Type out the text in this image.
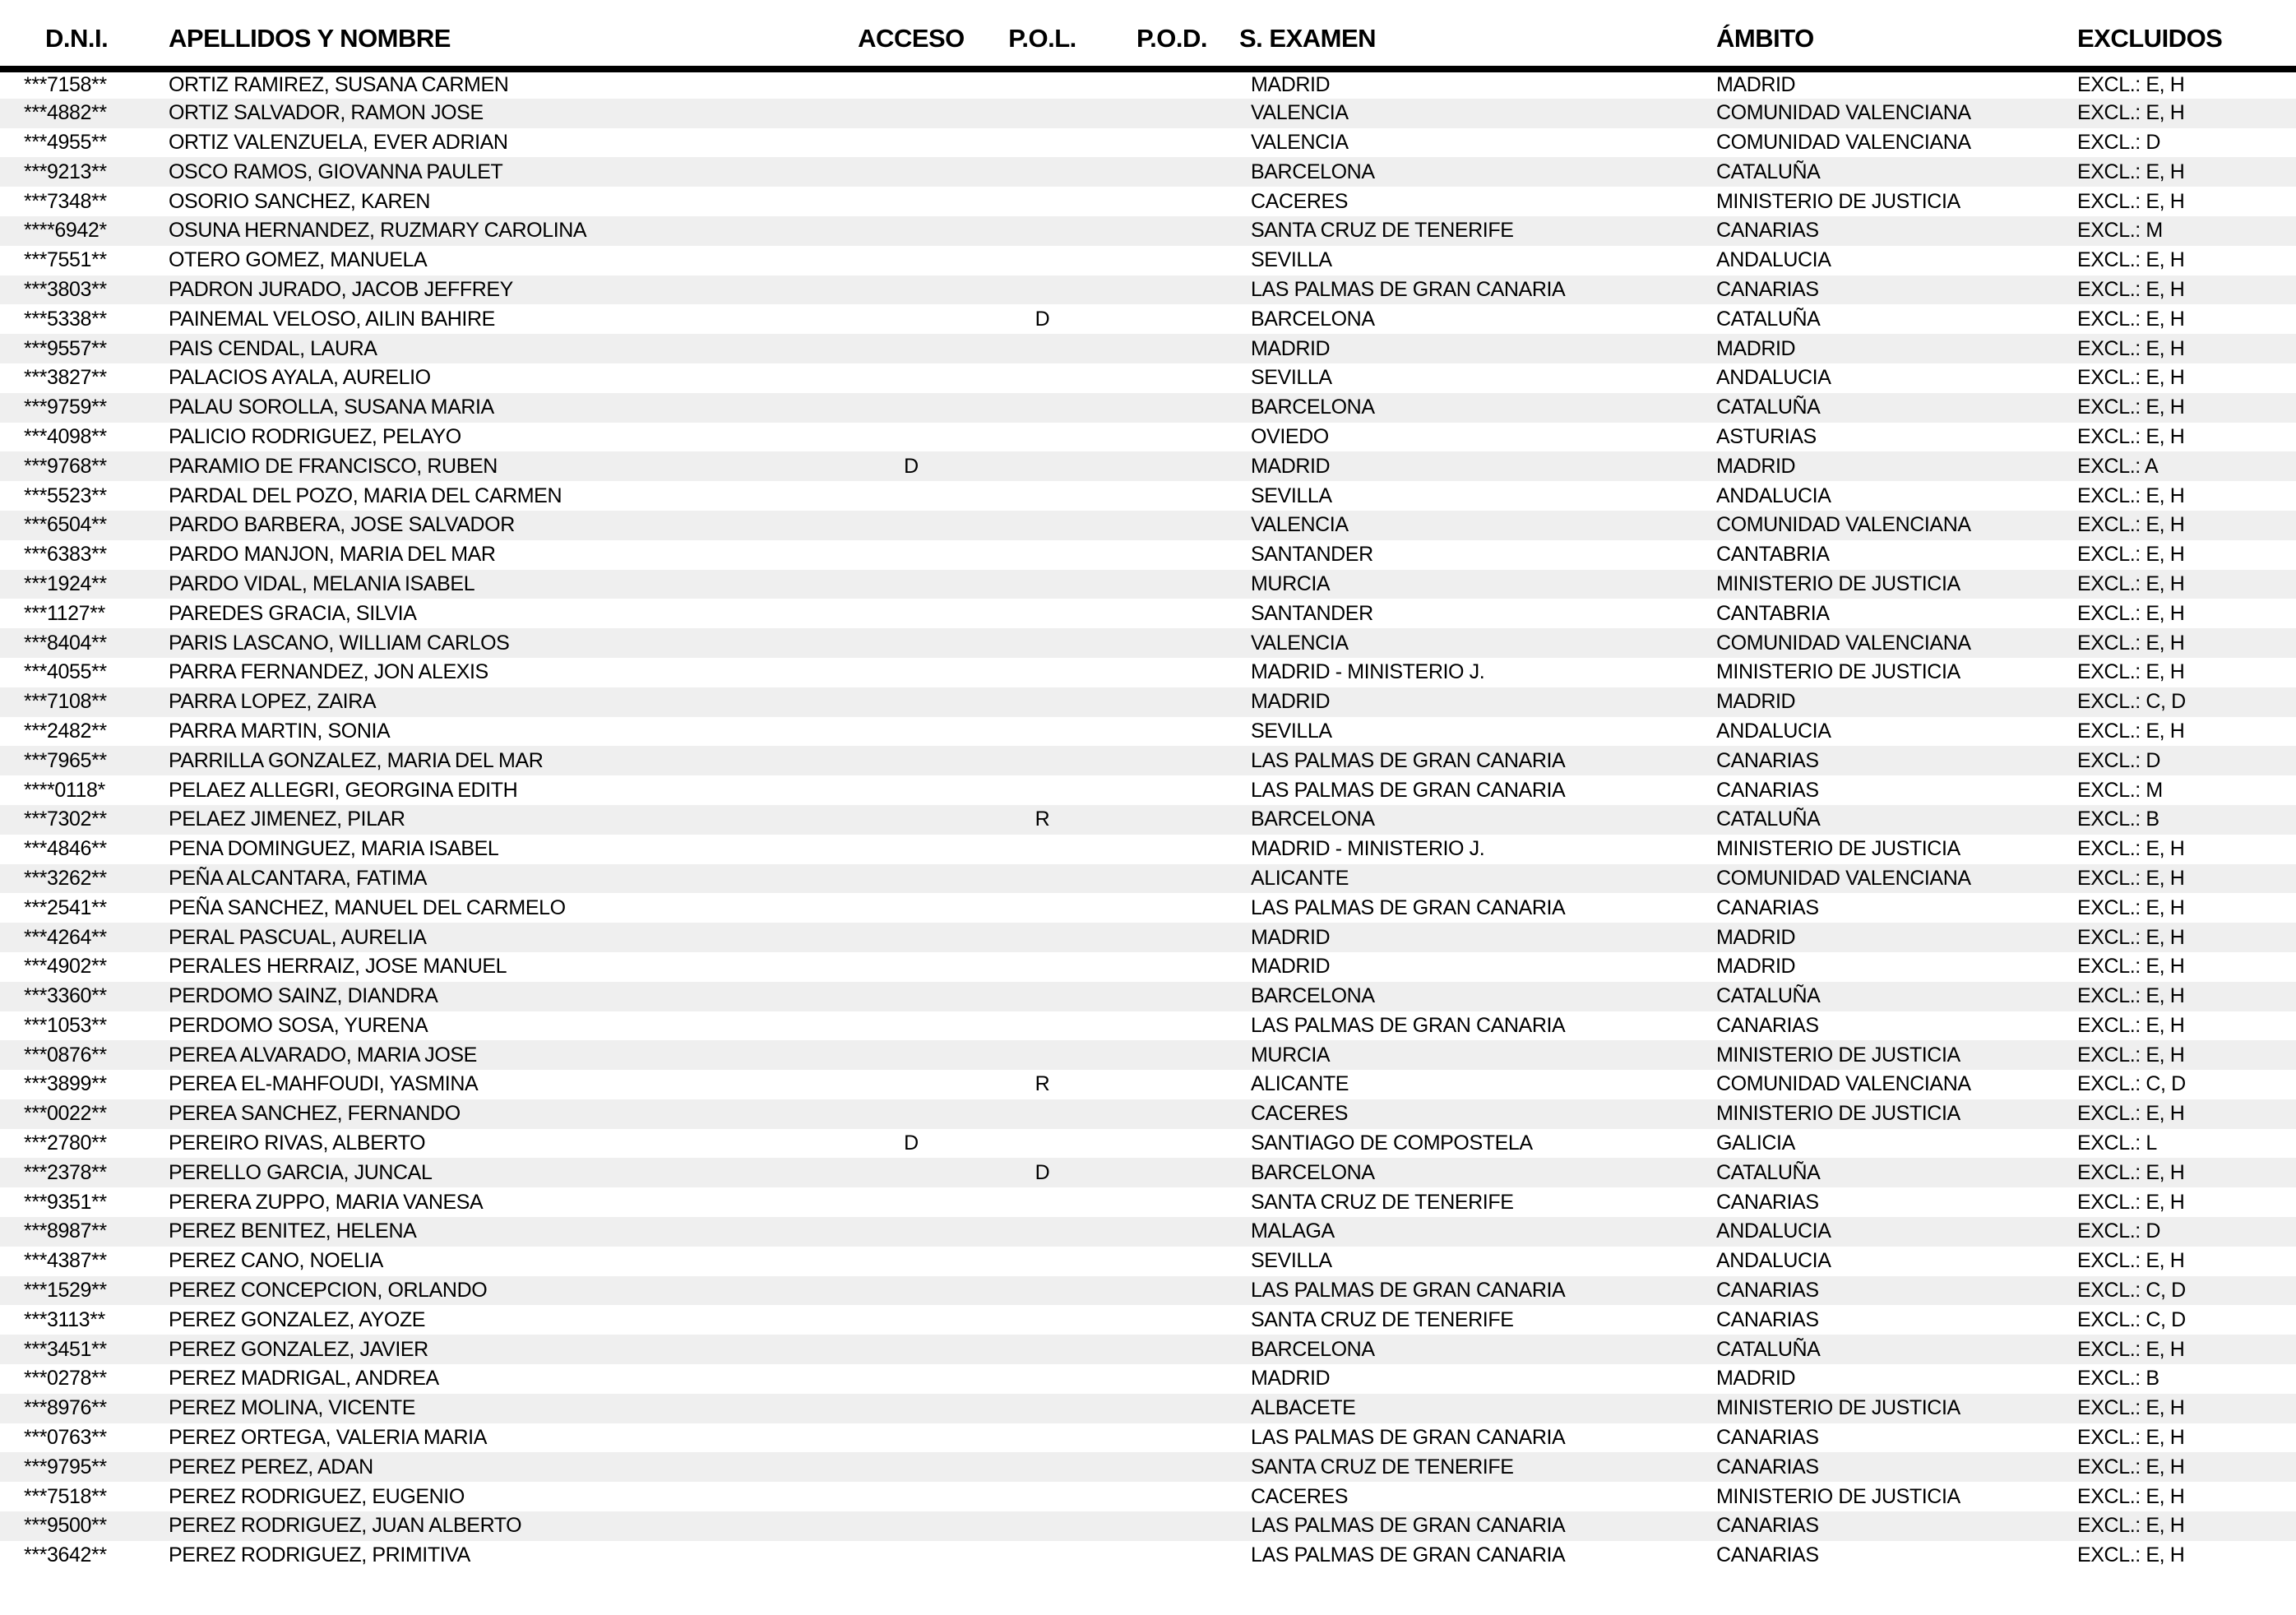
D.N.I.	APELLIDOS Y NOMBRE	ACCESO	P.O.L.	P.O.D.	S. EXAMEN	ÁMBITO	EXCLUIDOS
***7158**	ORTIZ RAMIREZ, SUSANA CARMEN				MADRID	MADRID	EXCL.: E, H
***4882**	ORTIZ SALVADOR, RAMON JOSE				VALENCIA	COMUNIDAD VALENCIANA	EXCL.: E, H
***4955**	ORTIZ VALENZUELA, EVER ADRIAN				VALENCIA	COMUNIDAD VALENCIANA	EXCL.: D
***9213**	OSCO RAMOS, GIOVANNA PAULET				BARCELONA	CATALUÑA	EXCL.: E, H
***7348**	OSORIO SANCHEZ, KAREN				CACERES	MINISTERIO DE JUSTICIA	EXCL.: E, H
****6942*	OSUNA HERNANDEZ, RUZMARY CAROLINA				SANTA CRUZ DE TENERIFE	CANARIAS	EXCL.: M
***7551**	OTERO GOMEZ, MANUELA				SEVILLA	ANDALUCIA	EXCL.: E, H
***3803**	PADRON JURADO, JACOB JEFFREY				LAS PALMAS DE GRAN CANARIA	CANARIAS	EXCL.: E, H
***5338**	PAINEMAL VELOSO, AILIN BAHIRE		D		BARCELONA	CATALUÑA	EXCL.: E, H
***9557**	PAIS CENDAL, LAURA				MADRID	MADRID	EXCL.: E, H
***3827**	PALACIOS AYALA, AURELIO				SEVILLA	ANDALUCIA	EXCL.: E, H
***9759**	PALAU SOROLLA, SUSANA MARIA				BARCELONA	CATALUÑA	EXCL.: E, H
***4098**	PALICIO RODRIGUEZ, PELAYO				OVIEDO	ASTURIAS	EXCL.: E, H
***9768**	PARAMIO DE FRANCISCO, RUBEN	D			MADRID	MADRID	EXCL.: A
***5523**	PARDAL DEL POZO, MARIA DEL CARMEN				SEVILLA	ANDALUCIA	EXCL.: E, H
***6504**	PARDO BARBERA, JOSE SALVADOR				VALENCIA	COMUNIDAD VALENCIANA	EXCL.: E, H
***6383**	PARDO MANJON, MARIA DEL MAR				SANTANDER	CANTABRIA	EXCL.: E, H
***1924**	PARDO VIDAL, MELANIA ISABEL				MURCIA	MINISTERIO DE JUSTICIA	EXCL.: E, H
***1127**	PAREDES GRACIA, SILVIA				SANTANDER	CANTABRIA	EXCL.: E, H
***8404**	PARIS LASCANO, WILLIAM CARLOS				VALENCIA	COMUNIDAD VALENCIANA	EXCL.: E, H
***4055**	PARRA FERNANDEZ, JON ALEXIS				MADRID - MINISTERIO J.	MINISTERIO DE JUSTICIA	EXCL.: E, H
***7108**	PARRA LOPEZ, ZAIRA				MADRID	MADRID	EXCL.: C, D
***2482**	PARRA MARTIN, SONIA				SEVILLA	ANDALUCIA	EXCL.: E, H
***7965**	PARRILLA GONZALEZ, MARIA DEL MAR				LAS PALMAS DE GRAN CANARIA	CANARIAS	EXCL.: D
****0118*	PELAEZ ALLEGRI, GEORGINA EDITH				LAS PALMAS DE GRAN CANARIA	CANARIAS	EXCL.: M
***7302**	PELAEZ JIMENEZ, PILAR		R		BARCELONA	CATALUÑA	EXCL.: B
***4846**	PENA DOMINGUEZ, MARIA ISABEL				MADRID - MINISTERIO J.	MINISTERIO DE JUSTICIA	EXCL.: E, H
***3262**	PEÑA ALCANTARA, FATIMA				ALICANTE	COMUNIDAD VALENCIANA	EXCL.: E, H
***2541**	PEÑA SANCHEZ, MANUEL DEL CARMELO				LAS PALMAS DE GRAN CANARIA	CANARIAS	EXCL.: E, H
***4264**	PERAL PASCUAL, AURELIA				MADRID	MADRID	EXCL.: E, H
***4902**	PERALES HERRAIZ, JOSE MANUEL				MADRID	MADRID	EXCL.: E, H
***3360**	PERDOMO SAINZ, DIANDRA				BARCELONA	CATALUÑA	EXCL.: E, H
***1053**	PERDOMO SOSA, YURENA				LAS PALMAS DE GRAN CANARIA	CANARIAS	EXCL.: E, H
***0876**	PEREA ALVARADO, MARIA JOSE				MURCIA	MINISTERIO DE JUSTICIA	EXCL.: E, H
***3899**	PEREA EL-MAHFOUDI, YASMINA		R		ALICANTE	COMUNIDAD VALENCIANA	EXCL.: C, D
***0022**	PEREA SANCHEZ, FERNANDO				CACERES	MINISTERIO DE JUSTICIA	EXCL.: E, H
***2780**	PEREIRO RIVAS, ALBERTO	D			SANTIAGO DE COMPOSTELA	GALICIA	EXCL.: L
***2378**	PERELLO GARCIA, JUNCAL		D		BARCELONA	CATALUÑA	EXCL.: E, H
***9351**	PERERA ZUPPO, MARIA VANESA				SANTA CRUZ DE TENERIFE	CANARIAS	EXCL.: E, H
***8987**	PEREZ BENITEZ, HELENA				MALAGA	ANDALUCIA	EXCL.: D
***4387**	PEREZ CANO, NOELIA				SEVILLA	ANDALUCIA	EXCL.: E, H
***1529**	PEREZ CONCEPCION, ORLANDO				LAS PALMAS DE GRAN CANARIA	CANARIAS	EXCL.: C, D
***3113**	PEREZ GONZALEZ, AYOZE				SANTA CRUZ DE TENERIFE	CANARIAS	EXCL.: C, D
***3451**	PEREZ GONZALEZ, JAVIER				BARCELONA	CATALUÑA	EXCL.: E, H
***0278**	PEREZ MADRIGAL, ANDREA				MADRID	MADRID	EXCL.: B
***8976**	PEREZ MOLINA, VICENTE				ALBACETE	MINISTERIO DE JUSTICIA	EXCL.: E, H
***0763**	PEREZ ORTEGA, VALERIA MARIA				LAS PALMAS DE GRAN CANARIA	CANARIAS	EXCL.: E, H
***9795**	PEREZ PEREZ, ADAN				SANTA CRUZ DE TENERIFE	CANARIAS	EXCL.: E, H
***7518**	PEREZ RODRIGUEZ, EUGENIO				CACERES	MINISTERIO DE JUSTICIA	EXCL.: E, H
***9500**	PEREZ RODRIGUEZ, JUAN ALBERTO				LAS PALMAS DE GRAN CANARIA	CANARIAS	EXCL.: E, H
***3642**	PEREZ RODRIGUEZ, PRIMITIVA				LAS PALMAS DE GRAN CANARIA	CANARIAS	EXCL.: E, H
